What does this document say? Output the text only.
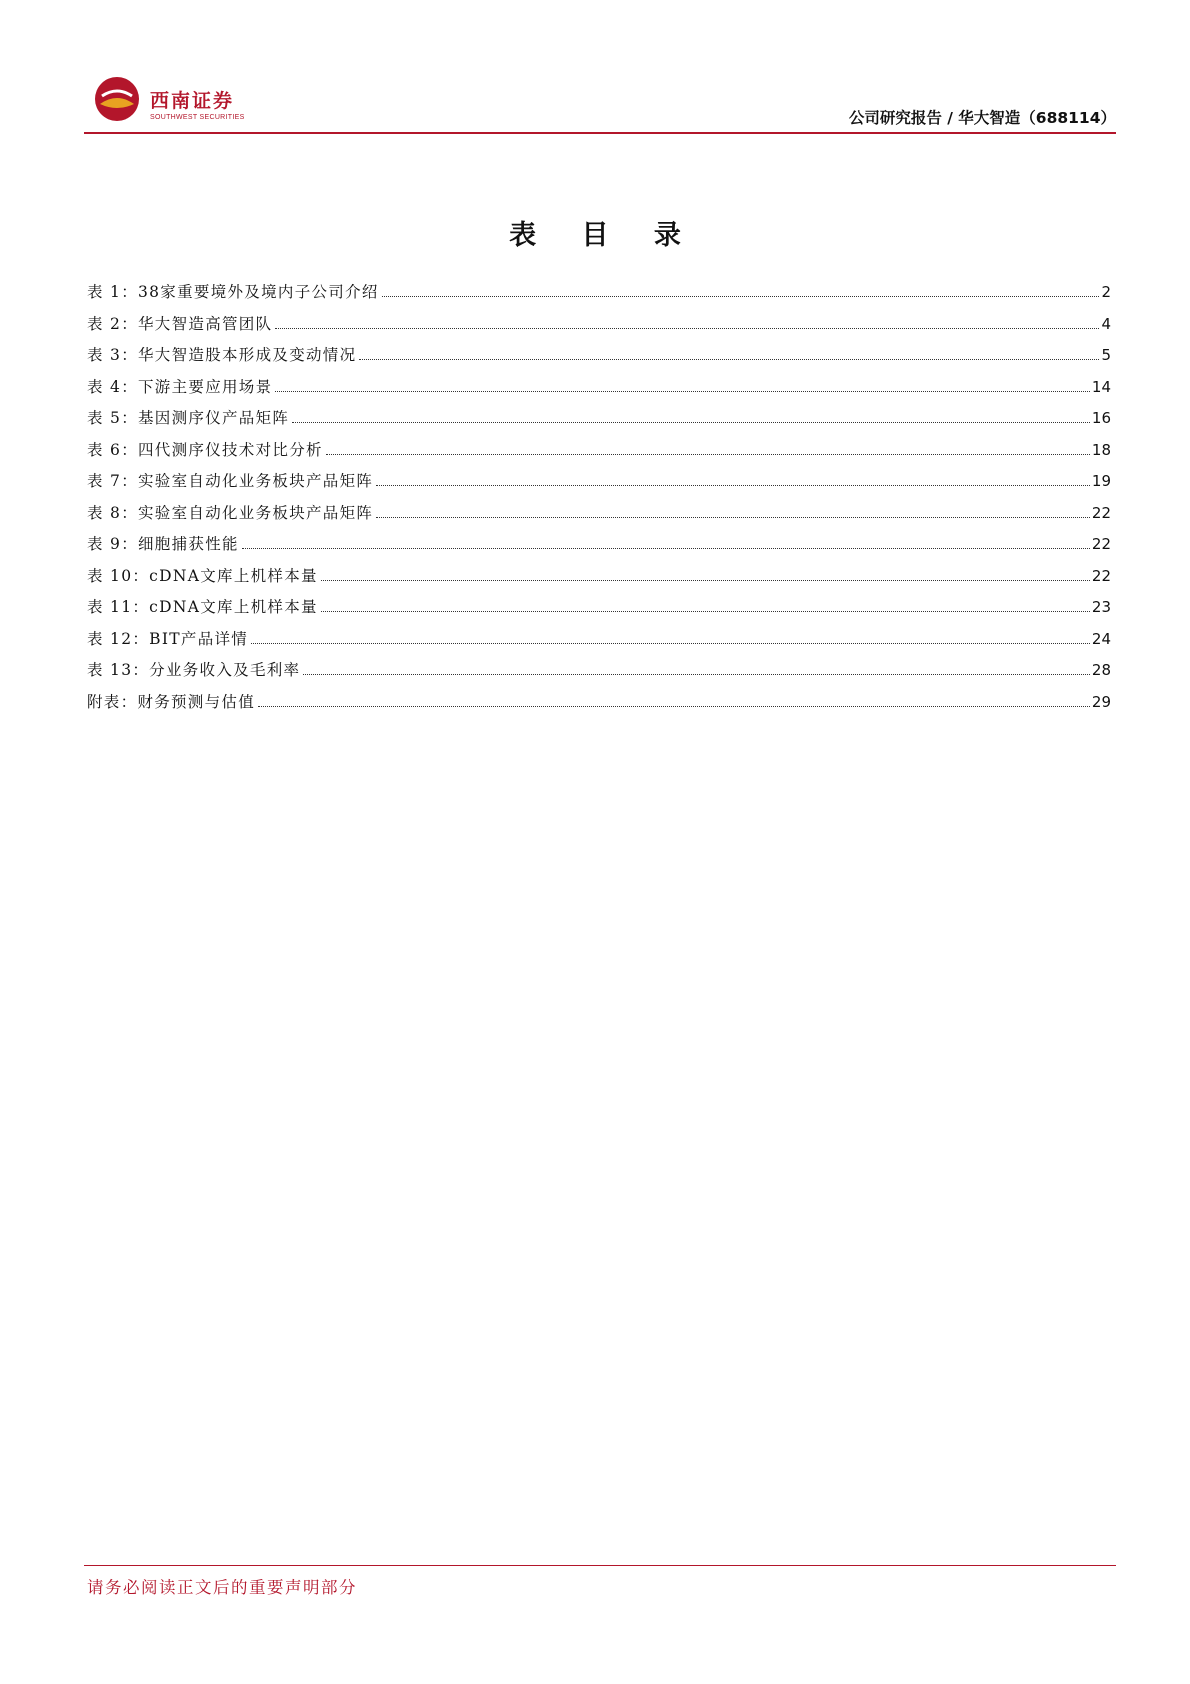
西南证券
SOUTHWEST SECURITIES	公司研究报告 / 华大智造（688114）
表 目 录
表 1：38家重要境外及境内子公司介绍	2
表 2：华大智造高管团队	4
表 3：华大智造股本形成及变动情况	5
表 4：下游主要应用场景	14
表 5：基因测序仪产品矩阵	16
表 6：四代测序仪技术对比分析	18
表 7：实验室自动化业务板块产品矩阵	19
表 8：实验室自动化业务板块产品矩阵	22
表 9：细胞捕获性能	22
表 10：cDNA文库上机样本量	22
表 11：cDNA文库上机样本量	23
表 12：BIT产品详情	24
表 13：分业务收入及毛利率	28
附表：财务预测与估值	29
请务必阅读正文后的重要声明部分
